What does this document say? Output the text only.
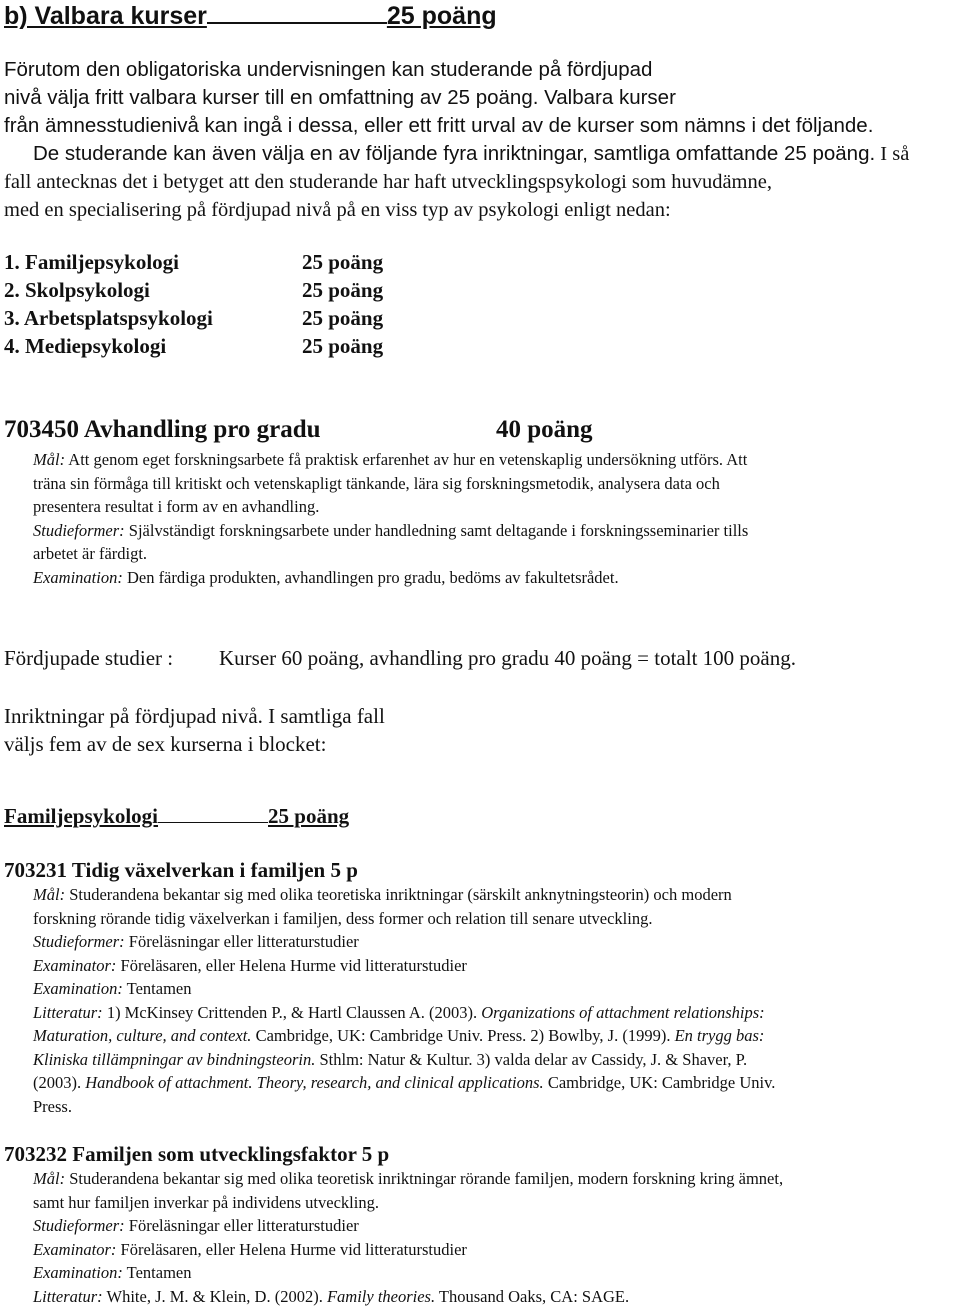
b) Valbara kurser	25 poäng
Förutom den obligatoriska undervisningen kan studerande på fördjupad
nivå välja fritt valbara kurser till en omfattning av 25 poäng. Valbara kurser
från ämnesstudienivå kan ingå i dessa, eller ett fritt urval av de kurser som nämns i det följande.
De studerande kan även välja en av följande fyra inriktningar, samtliga omfattande 25 poäng. I så
fall antecknas det i betyget att den studerande har haft utvecklingspsykologi som huvudämne,
med en specialisering på fördjupad nivå på en viss typ av psykologi enligt nedan:
1. Familjepsykologi	25 poäng
2. Skolpsykologi	25 poäng
3. Arbetsplatspsykologi	25 poäng
4. Mediepsykologi	25 poäng
703450 Avhandling pro gradu	40 poäng
Mål: Att genom eget forskningsarbete få praktisk erfarenhet av hur en vetenskaplig undersökning utförs. Att
träna sin förmåga till kritiskt och vetenskapligt tänkande, lära sig forskningsmetodik, analysera data och
presentera resultat i form av en avhandling.
Studieformer: Självständigt forskningsarbete under handledning samt deltagande i forskningsseminarier tills
arbetet är färdigt.
Examination: Den färdiga produkten, avhandlingen pro gradu, bedöms av fakultetsrådet.
Fördjupade studier : Kurser 60 poäng, avhandling pro gradu 40 poäng = totalt 100 poäng.
Inriktningar på fördjupad nivå. I samtliga fall
väljs fem av de sex kurserna i blocket:
Familjepsykologi	25 poäng
703231 Tidig växelverkan i familjen 5 p
Mål: Studerandena bekantar sig med olika teoretiska inriktningar (särskilt anknytningsteorin) och modern
forskning rörande tidig växelverkan i familjen, dess former och relation till senare utveckling.
Studieformer: Föreläsningar eller litteraturstudier
Examinator: Föreläsaren, eller Helena Hurme vid litteraturstudier
Examination: Tentamen
Litteratur: 1) McKinsey Crittenden P., & Hartl Claussen A. (2003). Organizations of attachment relationships:
Maturation, culture, and context. Cambridge, UK: Cambridge Univ. Press. 2) Bowlby, J. (1999). En trygg bas:
Kliniska tillämpningar av bindningsteorin. Sthlm: Natur & Kultur. 3) valda delar av Cassidy, J. & Shaver, P.
(2003). Handbook of attachment. Theory, research, and clinical applications. Cambridge, UK: Cambridge Univ.
Press.
703232 Familjen som utvecklingsfaktor 5 p
Mål: Studerandena bekantar sig med olika teoretisk inriktningar rörande familjen, modern forskning kring ämnet,
samt hur familjen inverkar på individens utveckling.
Studieformer: Föreläsningar eller litteraturstudier
Examinator: Föreläsaren, eller Helena Hurme vid litteraturstudier
Examination: Tentamen
Litteratur: White, J. M. & Klein, D. (2002). Family theories. Thousand Oaks, CA: SAGE.
